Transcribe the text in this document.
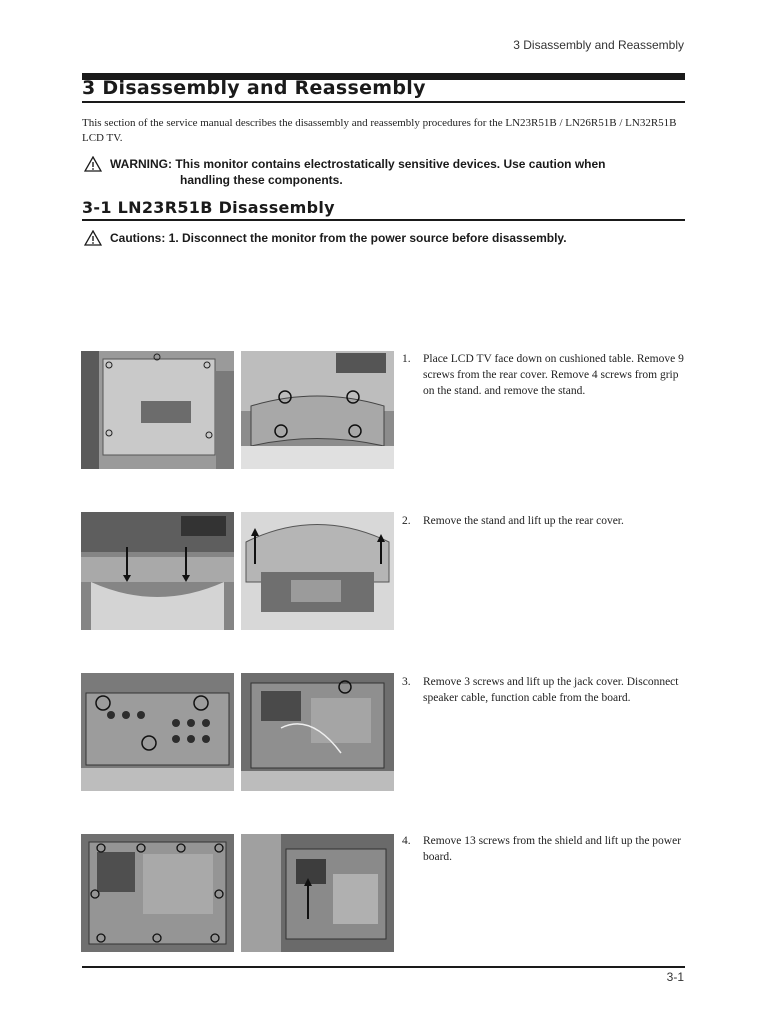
3 Disassembly and Reassembly
3 Disassembly and Reassembly
This section of the service manual describes the disassembly and reassembly procedures for the LN23R51B / LN26R51B / LN32R51B LCD TV.
WARNING: This monitor contains electrostatically sensitive devices. Use caution when
handling these components.
3-1 LN23R51B Disassembly
Cautions: 1. Disconnect the monitor from the power source before disassembly.
1.	Place LCD TV face down on cushioned table. Remove 9 screws from the rear cover. Remove 4 screws from grip on the stand. and remove the stand.
2.	Remove the stand and lift up the rear cover.
3.	Remove 3 screws and lift up the jack cover. Disconnect speaker cable, function cable from the board.
4.	Remove 13 screws from the shield and lift up the power board.
3-1
